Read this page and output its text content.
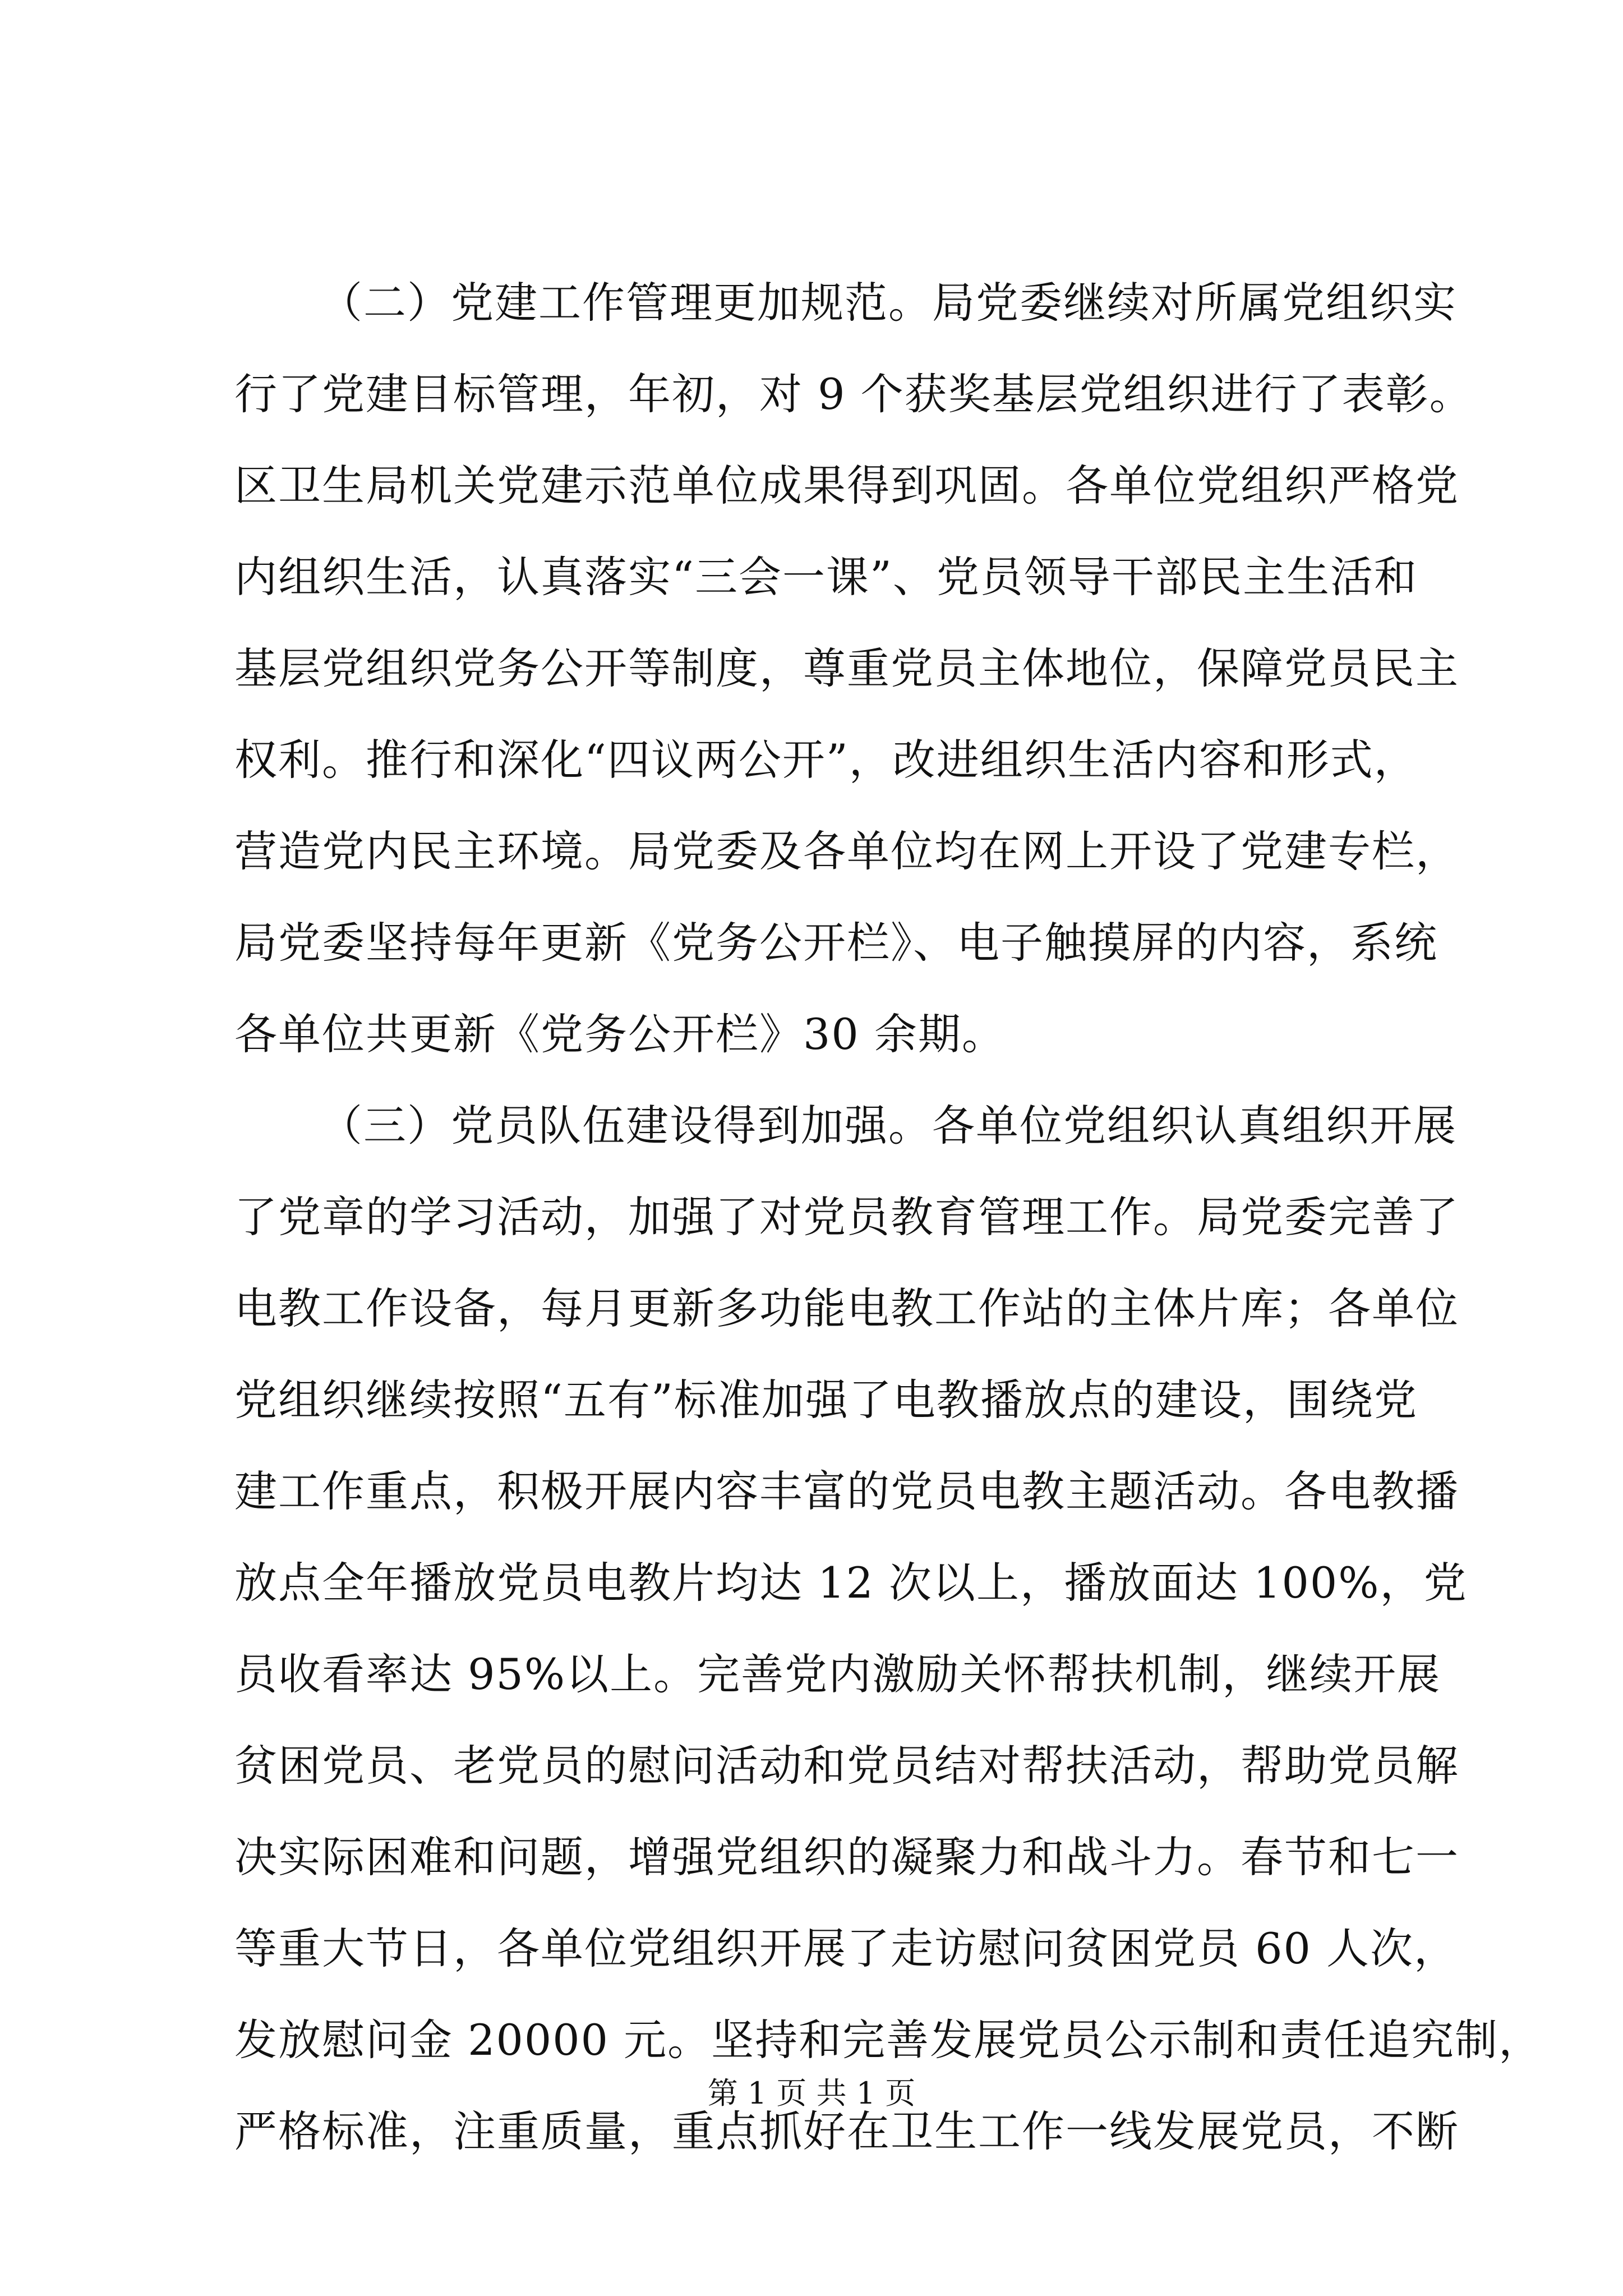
（二）党建工作管理更加规范。局党委继续对所属党组织实
行了党建目标管理，年初，对 9 个获奖基层党组织进行了表彰。
区卫生局机关党建示范单位成果得到巩固。各单位党组织严格党
内组织生活，认真落实“三会一课”、党员领导干部民主生活和
基层党组织党务公开等制度，尊重党员主体地位，保障党员民主
权利。推行和深化“四议两公开”，改进组织生活内容和形式，
营造党内民主环境。局党委及各单位均在网上开设了党建专栏，
局党委坚持每年更新《党务公开栏》、电子触摸屏的内容，系统
各单位共更新《党务公开栏》30 余期。
（三）党员队伍建设得到加强。各单位党组织认真组织开展
了党章的学习活动，加强了对党员教育管理工作。局党委完善了
电教工作设备，每月更新多功能电教工作站的主体片库；各单位
党组织继续按照“五有”标准加强了电教播放点的建设，围绕党
建工作重点，积极开展内容丰富的党员电教主题活动。各电教播
放点全年播放党员电教片均达 12 次以上，播放面达 100%，党
员收看率达 95%以上。完善党内激励关怀帮扶机制，继续开展
贫困党员、老党员的慰问活动和党员结对帮扶活动，帮助党员解
决实际困难和问题，增强党组织的凝聚力和战斗力。春节和七一
等重大节日，各单位党组织开展了走访慰问贫困党员 60 人次，
发放慰问金 20000 元。坚持和完善发展党员公示制和责任追究制，
严格标准，注重质量，重点抓好在卫生工作一线发展党员，不断
第 1 页 共 1 页
